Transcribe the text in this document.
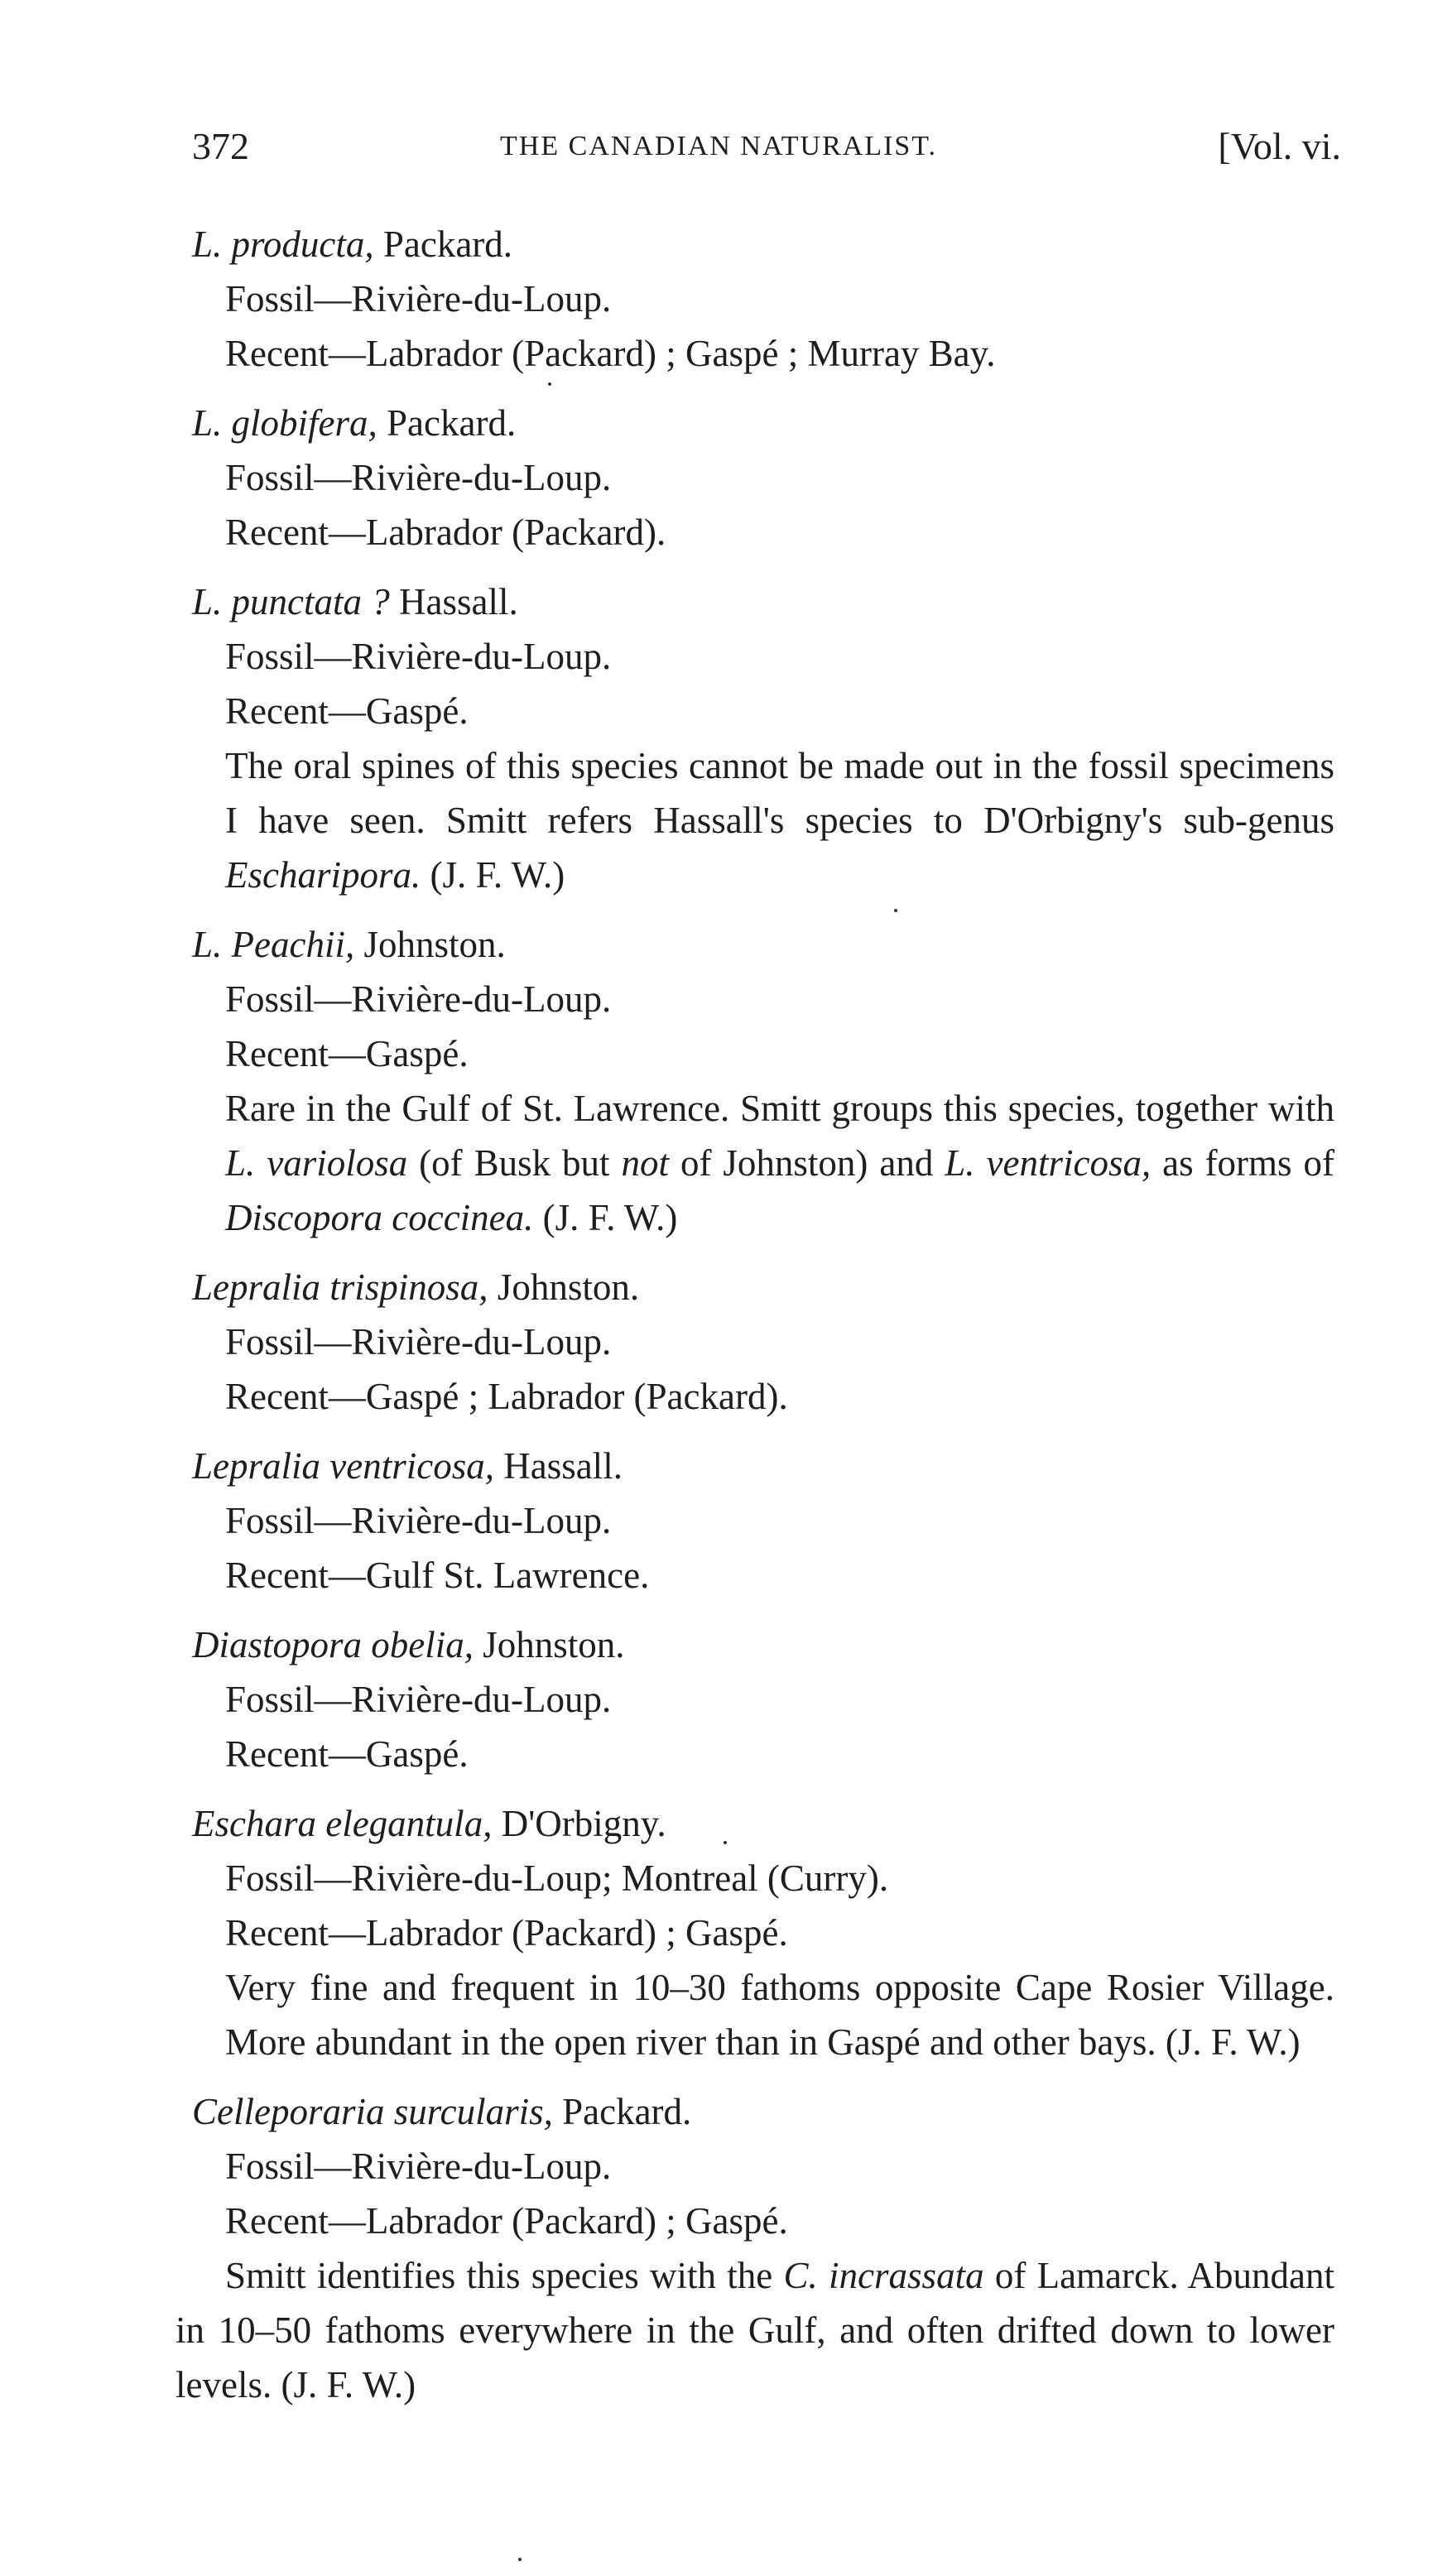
372	THE CANADIAN NATURALIST.	[Vol. vi.
L. producta, Packard.
Fossil—Rivière-du-Loup.
Recent—Labrador (Packard) ; Gaspé ; Murray Bay.
L. globifera, Packard.
Fossil—Rivière-du-Loup.
Recent—Labrador (Packard).
L. punctata ? Hassall.
Fossil—Rivière-du-Loup.
Recent—Gaspé.
The oral spines of this species cannot be made out in the fossil specimens I have seen. Smitt refers Hassall's species to D'Orbigny's sub-genus Escharipora. (J. F. W.)
L. Peachii, Johnston.
Fossil—Rivière-du-Loup.
Recent—Gaspé.
Rare in the Gulf of St. Lawrence. Smitt groups this species, together with L. variolosa (of Busk but not of Johnston) and L. ventricosa, as forms of Discopora coccinea. (J. F. W.)
Lepralia trispinosa, Johnston.
Fossil—Rivière-du-Loup.
Recent—Gaspé ; Labrador (Packard).
Lepralia ventricosa, Hassall.
Fossil—Rivière-du-Loup.
Recent—Gulf St. Lawrence.
Diastopora obelia, Johnston.
Fossil—Rivière-du-Loup.
Recent—Gaspé.
Eschara elegantula, D'Orbigny.
Fossil—Rivière-du-Loup; Montreal (Curry).
Recent—Labrador (Packard) ; Gaspé.
Very fine and frequent in 10–30 fathoms opposite Cape Rosier Village. More abundant in the open river than in Gaspé and other bays. (J. F. W.)
Celleporaria surcularis, Packard.
Fossil—Rivière-du-Loup.
Recent—Labrador (Packard) ; Gaspé.
Smitt identifies this species with the C. incrassata of Lamarck. Abundant in 10–50 fathoms everywhere in the Gulf, and often drifted down to lower levels. (J. F. W.)
